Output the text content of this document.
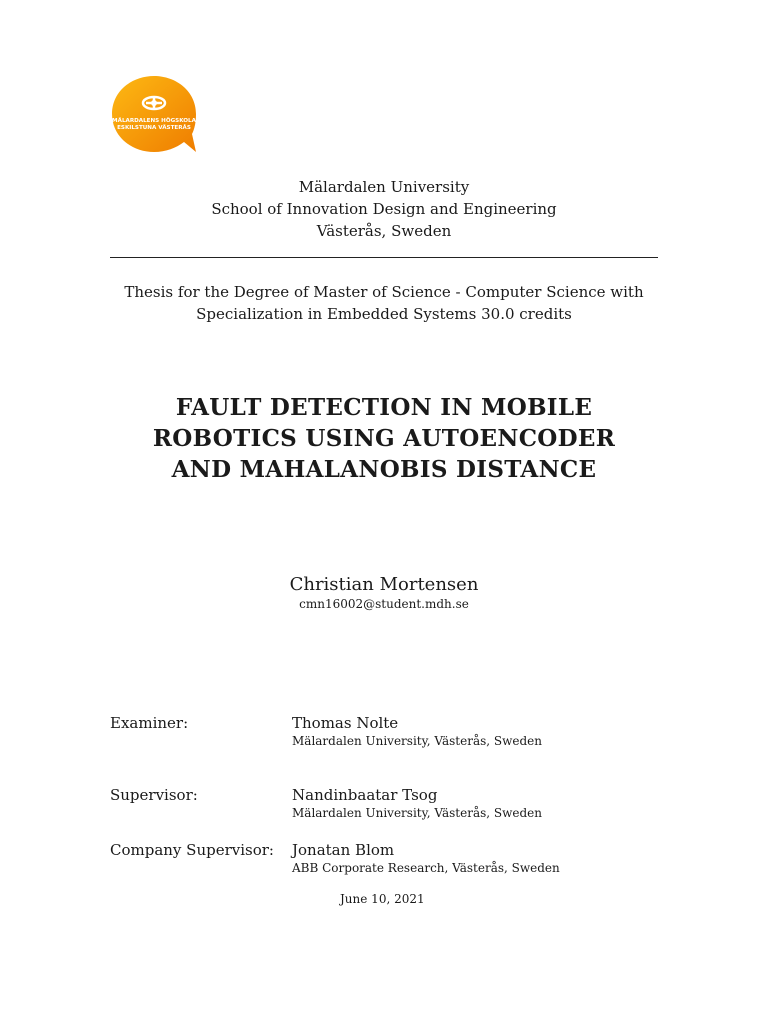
MÄLARDALENS HÖGSKOLA
ESKILSTUNA VÄSTERÅS
Mälardalen University
School of Innovation Design and Engineering
Västerås, Sweden
Thesis for the Degree of Master of Science - Computer Science with
Specialization in Embedded Systems 30.0 credits
FAULT DETECTION IN MOBILE
ROBOTICS USING AUTOENCODER
AND MAHALANOBIS DISTANCE
Christian Mortensen
cmn16002@student.mdh.se
Examiner:	Thomas Nolte
Mälardalen University, Västerås, Sweden
Supervisor:	Nandinbaatar Tsog
Mälardalen University, Västerås, Sweden
Company Supervisor: Jonatan Blom
ABB Corporate Research, Västerås, Sweden
June 10, 2021
